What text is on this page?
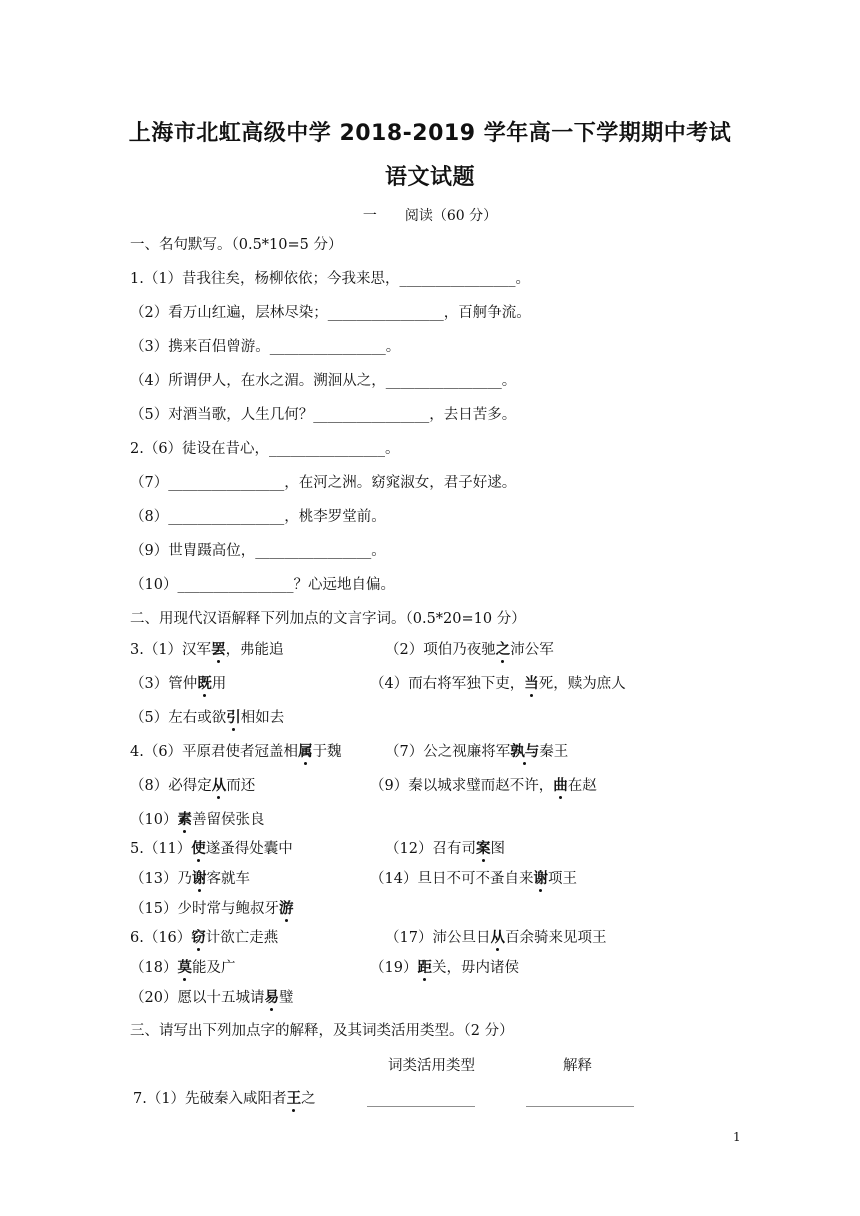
上海市北虹高级中学 2018-2019 学年高一下学期期中考试
语文试题
一　　阅读（60 分）
一、名句默写。（0.5*10=5 分）
1.（1）昔我往矣，杨柳依依；今我来思，________________。
（2）看万山红遍，层林尽染；________________，百舸争流。
（3）携来百侣曾游。________________。
（4）所谓伊人，在水之湄。溯洄从之，________________。
（5）对酒当歌，人生几何？________________，去日苦多。
2.（6）徒设在昔心，________________。
（7）________________，在河之洲。窈窕淑女，君子好逑。
（8）________________，桃李罗堂前。
（9）世胄蹑高位，________________。
（10）________________？心远地自偏。
二、用现代汉语解释下列加点的文言字词。（0.5*20=10 分）
3.（1）汉军罢，弗能追	（2）项伯乃夜驰之沛公军
（3）管仲既用	（4）而右将军独下吏，当死，赎为庶人
（5）左右或欲引相如去
4.（6）平原君使者冠盖相属于魏	（7）公之视廉将军孰与秦王
（8）必得定从而还	（9）秦以城求璧而赵不许，曲在赵
（10）素善留侯张良
5.（11）使遂蚤得处囊中	（12）召有司案图
（13）乃谢客就车	（14）旦日不可不蚤自来谢项王
（15）少时常与鲍叔牙游
6.（16）窃计欲亡走燕	（17）沛公旦日从百余骑来见项王
（18）莫能及广	（19）距关，毋内诸侯
（20）愿以十五城请易璧
三、请写出下列加点字的解释，及其词类活用类型。（2 分）
词类活用类型	解释
7.（1）先破秦入咸阳者王之	__________________	__________________
1
